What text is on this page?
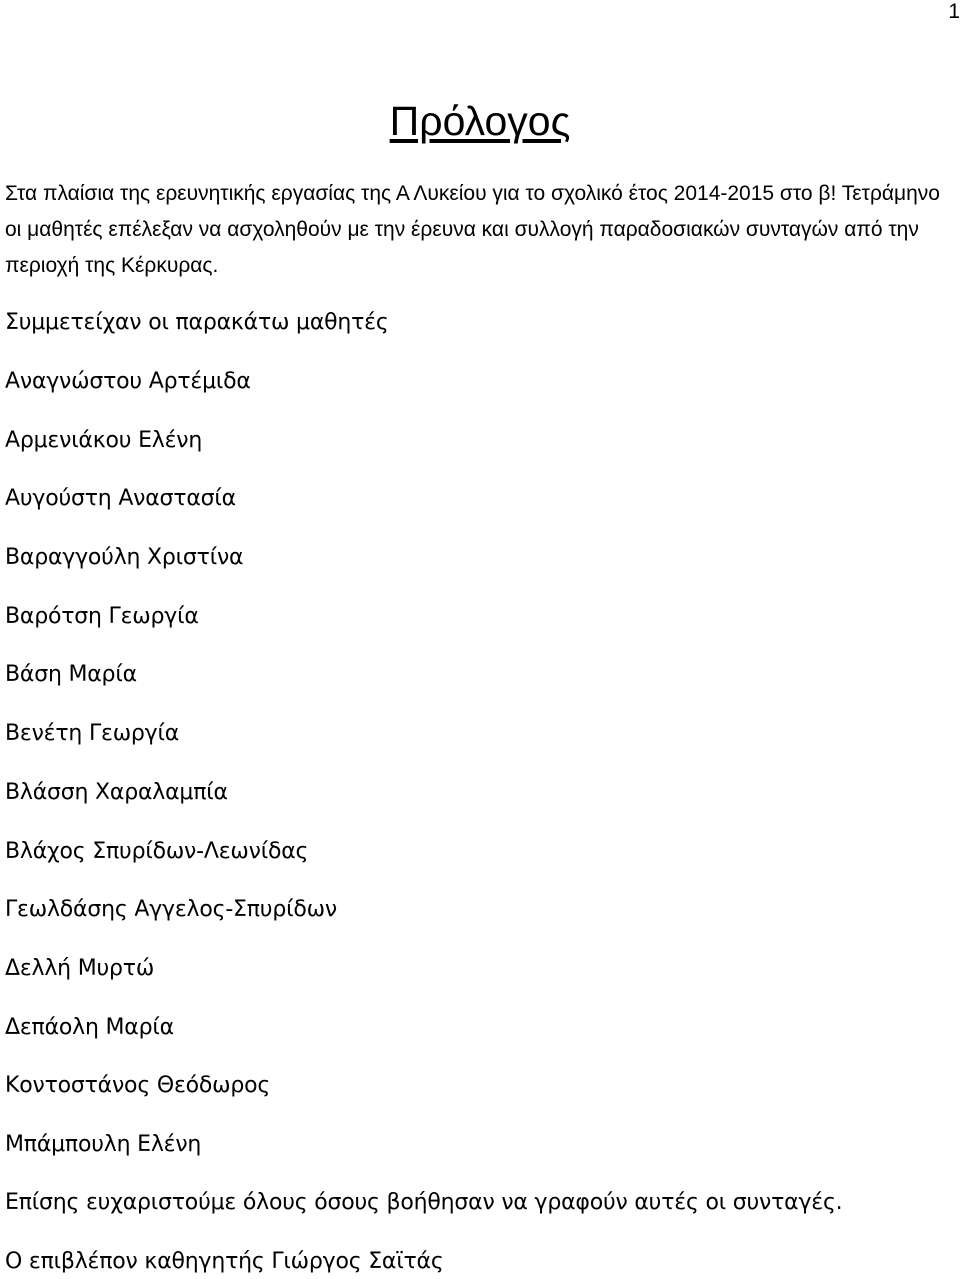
1
Πρόλογος

Στα πλαίσια της ερευνητικής εργασίας της Α Λυκείου για το σχολικό έτος 2014-2015 στο β! Τετράμηνο οι μαθητές επέλεξαν να ασχοληθούν με την έρευνα και συλλογή παραδοσιακών συνταγών από την περιοχή της Κέρκυρας.

Συμμετείχαν οι παρακάτω μαθητές

Αναγνώστου Αρτέμιδα
Αρμενιάκου Ελένη
Αυγούστη Αναστασία
Βαραγγούλη Χριστίνα
Βαρότση Γεωργία
Βάση Μαρία
Βενέτη Γεωργία
Βλάσση Χαραλαμπία
Βλάχος Σπυρίδων-Λεωνίδας
Γεωλδάσης Αγγελος-Σπυρίδων
Δελλή Μυρτώ
Δεπάολη Μαρία
Κοντοστάνος Θεόδωρος
Μπάμπουλη Ελένη

Επίσης ευχαριστούμε όλους όσους βοήθησαν να γραφούν αυτές οι συνταγές.

Ο επιβλέπον καθηγητής Γιώργος Σαϊτάς
